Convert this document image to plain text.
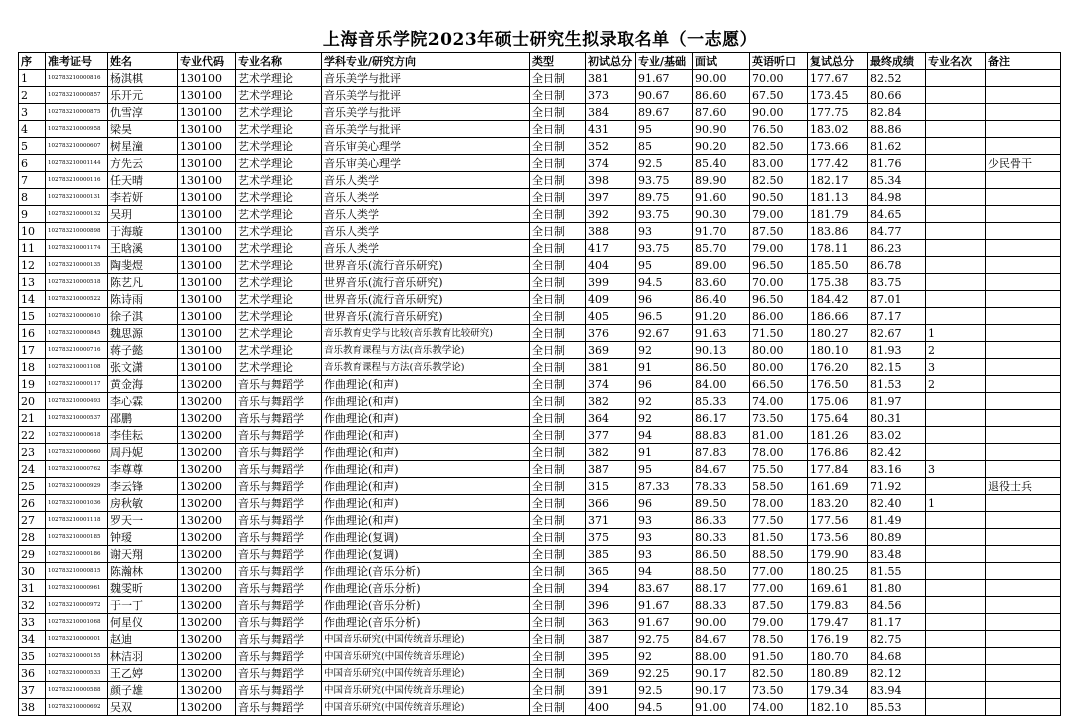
上海音乐学院2023年硕士研究生拟录取名单（一志愿）
序	准考证号	姓名	专业代码	专业名称	学科专业/研究方向	类型	初试总分	专业/基础	面试	英语听口	复试总分	最终成绩	专业名次	备注
1	102783210000816	杨淇棋	130100	艺术学理论	音乐美学与批评	全日制	381	91.67	90.00	70.00	177.67	82.52		
2	102783210000857	乐开元	130100	艺术学理论	音乐美学与批评	全日制	373	90.67	86.60	67.50	173.45	80.66		
3	102783210000875	仇雪淳	130100	艺术学理论	音乐美学与批评	全日制	384	89.67	87.60	90.00	177.75	82.84		
4	102783210000958	梁昊	130100	艺术学理论	音乐美学与批评	全日制	431	95	90.90	76.50	183.02	88.86		
5	102783210000607	树星潼	130100	艺术学理论	音乐审美心理学	全日制	352	85	90.20	82.50	173.66	81.62		
6	102783210001144	方先云	130100	艺术学理论	音乐审美心理学	全日制	374	92.5	85.40	83.00	177.42	81.76		少民骨干
7	102783210000116	任天晴	130100	艺术学理论	音乐人类学	全日制	398	93.75	89.90	82.50	182.17	85.34		
8	102783210000131	李若妍	130100	艺术学理论	音乐人类学	全日制	397	89.75	91.60	90.50	181.13	84.98		
9	102783210000132	吴玥	130100	艺术学理论	音乐人类学	全日制	392	93.75	90.30	79.00	181.79	84.65		
10	102783210000898	于海璇	130100	艺术学理论	音乐人类学	全日制	388	93	91.70	87.50	183.86	84.77		
11	102783210001174	王晗溪	130100	艺术学理论	音乐人类学	全日制	417	93.75	85.70	79.00	178.11	86.23		
12	102783210000135	陶斐煜	130100	艺术学理论	世界音乐(流行音乐研究)	全日制	404	95	89.00	96.50	185.50	86.78		
13	102783210000518	陈艺凡	130100	艺术学理论	世界音乐(流行音乐研究)	全日制	399	94.5	83.60	70.00	175.38	83.75		
14	102783210000522	陈诗雨	130100	艺术学理论	世界音乐(流行音乐研究)	全日制	409	96	86.40	96.50	184.42	87.01		
15	102783210000610	徐子淇	130100	艺术学理论	世界音乐(流行音乐研究)	全日制	405	96.5	91.20	86.00	186.66	87.17		
16	102783210000845	魏思源	130100	艺术学理论	音乐教育史学与比较(音乐教育比较研究)	全日制	376	92.67	91.63	71.50	180.27	82.67	1	
17	102783210000716	蒋子懿	130100	艺术学理论	音乐教育课程与方法(音乐教学论)	全日制	369	92	90.13	80.00	180.10	81.93	2	
18	102783210001108	张文潇	130100	艺术学理论	音乐教育课程与方法(音乐教学论)	全日制	381	91	86.50	80.00	176.20	82.15	3	
19	102783210000117	黄金海	130200	音乐与舞蹈学	作曲理论(和声)	全日制	374	96	84.00	66.50	176.50	81.53	2	
20	102783210000493	李心霖	130200	音乐与舞蹈学	作曲理论(和声)	全日制	382	92	85.33	74.00	175.06	81.97		
21	102783210000537	邵鹏	130200	音乐与舞蹈学	作曲理论(和声)	全日制	364	92	86.17	73.50	175.64	80.31		
22	102783210000618	李佳耘	130200	音乐与舞蹈学	作曲理论(和声)	全日制	377	94	88.83	81.00	181.26	83.02		
23	102783210000660	周丹妮	130200	音乐与舞蹈学	作曲理论(和声)	全日制	382	91	87.83	78.00	176.86	82.42		
24	102783210000762	李尊尊	130200	音乐与舞蹈学	作曲理论(和声)	全日制	387	95	84.67	75.50	177.84	83.16	3	
25	102783210000929	李云锋	130200	音乐与舞蹈学	作曲理论(和声)	全日制	315	87.33	78.33	58.50	161.69	71.92		退役士兵
26	102783210001036	房秋敏	130200	音乐与舞蹈学	作曲理论(和声)	全日制	366	96	89.50	78.00	183.20	82.40	1	
27	102783210001118	罗天一	130200	音乐与舞蹈学	作曲理论(和声)	全日制	371	93	86.33	77.50	177.56	81.49		
28	102783210000185	钟瑷	130200	音乐与舞蹈学	作曲理论(复调)	全日制	375	93	80.33	81.50	173.56	80.89		
29	102783210000186	谢天翔	130200	音乐与舞蹈学	作曲理论(复调)	全日制	385	93	86.50	88.50	179.90	83.48		
30	102783210000815	陈瀚林	130200	音乐与舞蹈学	作曲理论(音乐分析)	全日制	365	94	88.50	77.00	180.25	81.55		
31	102783210000961	魏雯昕	130200	音乐与舞蹈学	作曲理论(音乐分析)	全日制	394	83.67	88.17	77.00	169.61	81.80		
32	102783210000972	于一丁	130200	音乐与舞蹈学	作曲理论(音乐分析)	全日制	396	91.67	88.33	87.50	179.83	84.56		
33	102783210001068	何星仪	130200	音乐与舞蹈学	作曲理论(音乐分析)	全日制	363	91.67	90.00	79.00	179.47	81.17		
34	102783210000001	赵迪	130200	音乐与舞蹈学	中国音乐研究(中国传统音乐理论)	全日制	387	92.75	84.67	78.50	176.19	82.75		
35	102783210000155	林洁羽	130200	音乐与舞蹈学	中国音乐研究(中国传统音乐理论)	全日制	395	92	88.00	91.50	180.70	84.68		
36	102783210000533	王乙婷	130200	音乐与舞蹈学	中国音乐研究(中国传统音乐理论)	全日制	369	92.25	90.17	82.50	180.89	82.12		
37	102783210000588	颜子雄	130200	音乐与舞蹈学	中国音乐研究(中国传统音乐理论)	全日制	391	92.5	90.17	73.50	179.34	83.94		
38	102783210000692	吴双	130200	音乐与舞蹈学	中国音乐研究(中国传统音乐理论)	全日制	400	94.5	91.00	74.00	182.10	85.53		
